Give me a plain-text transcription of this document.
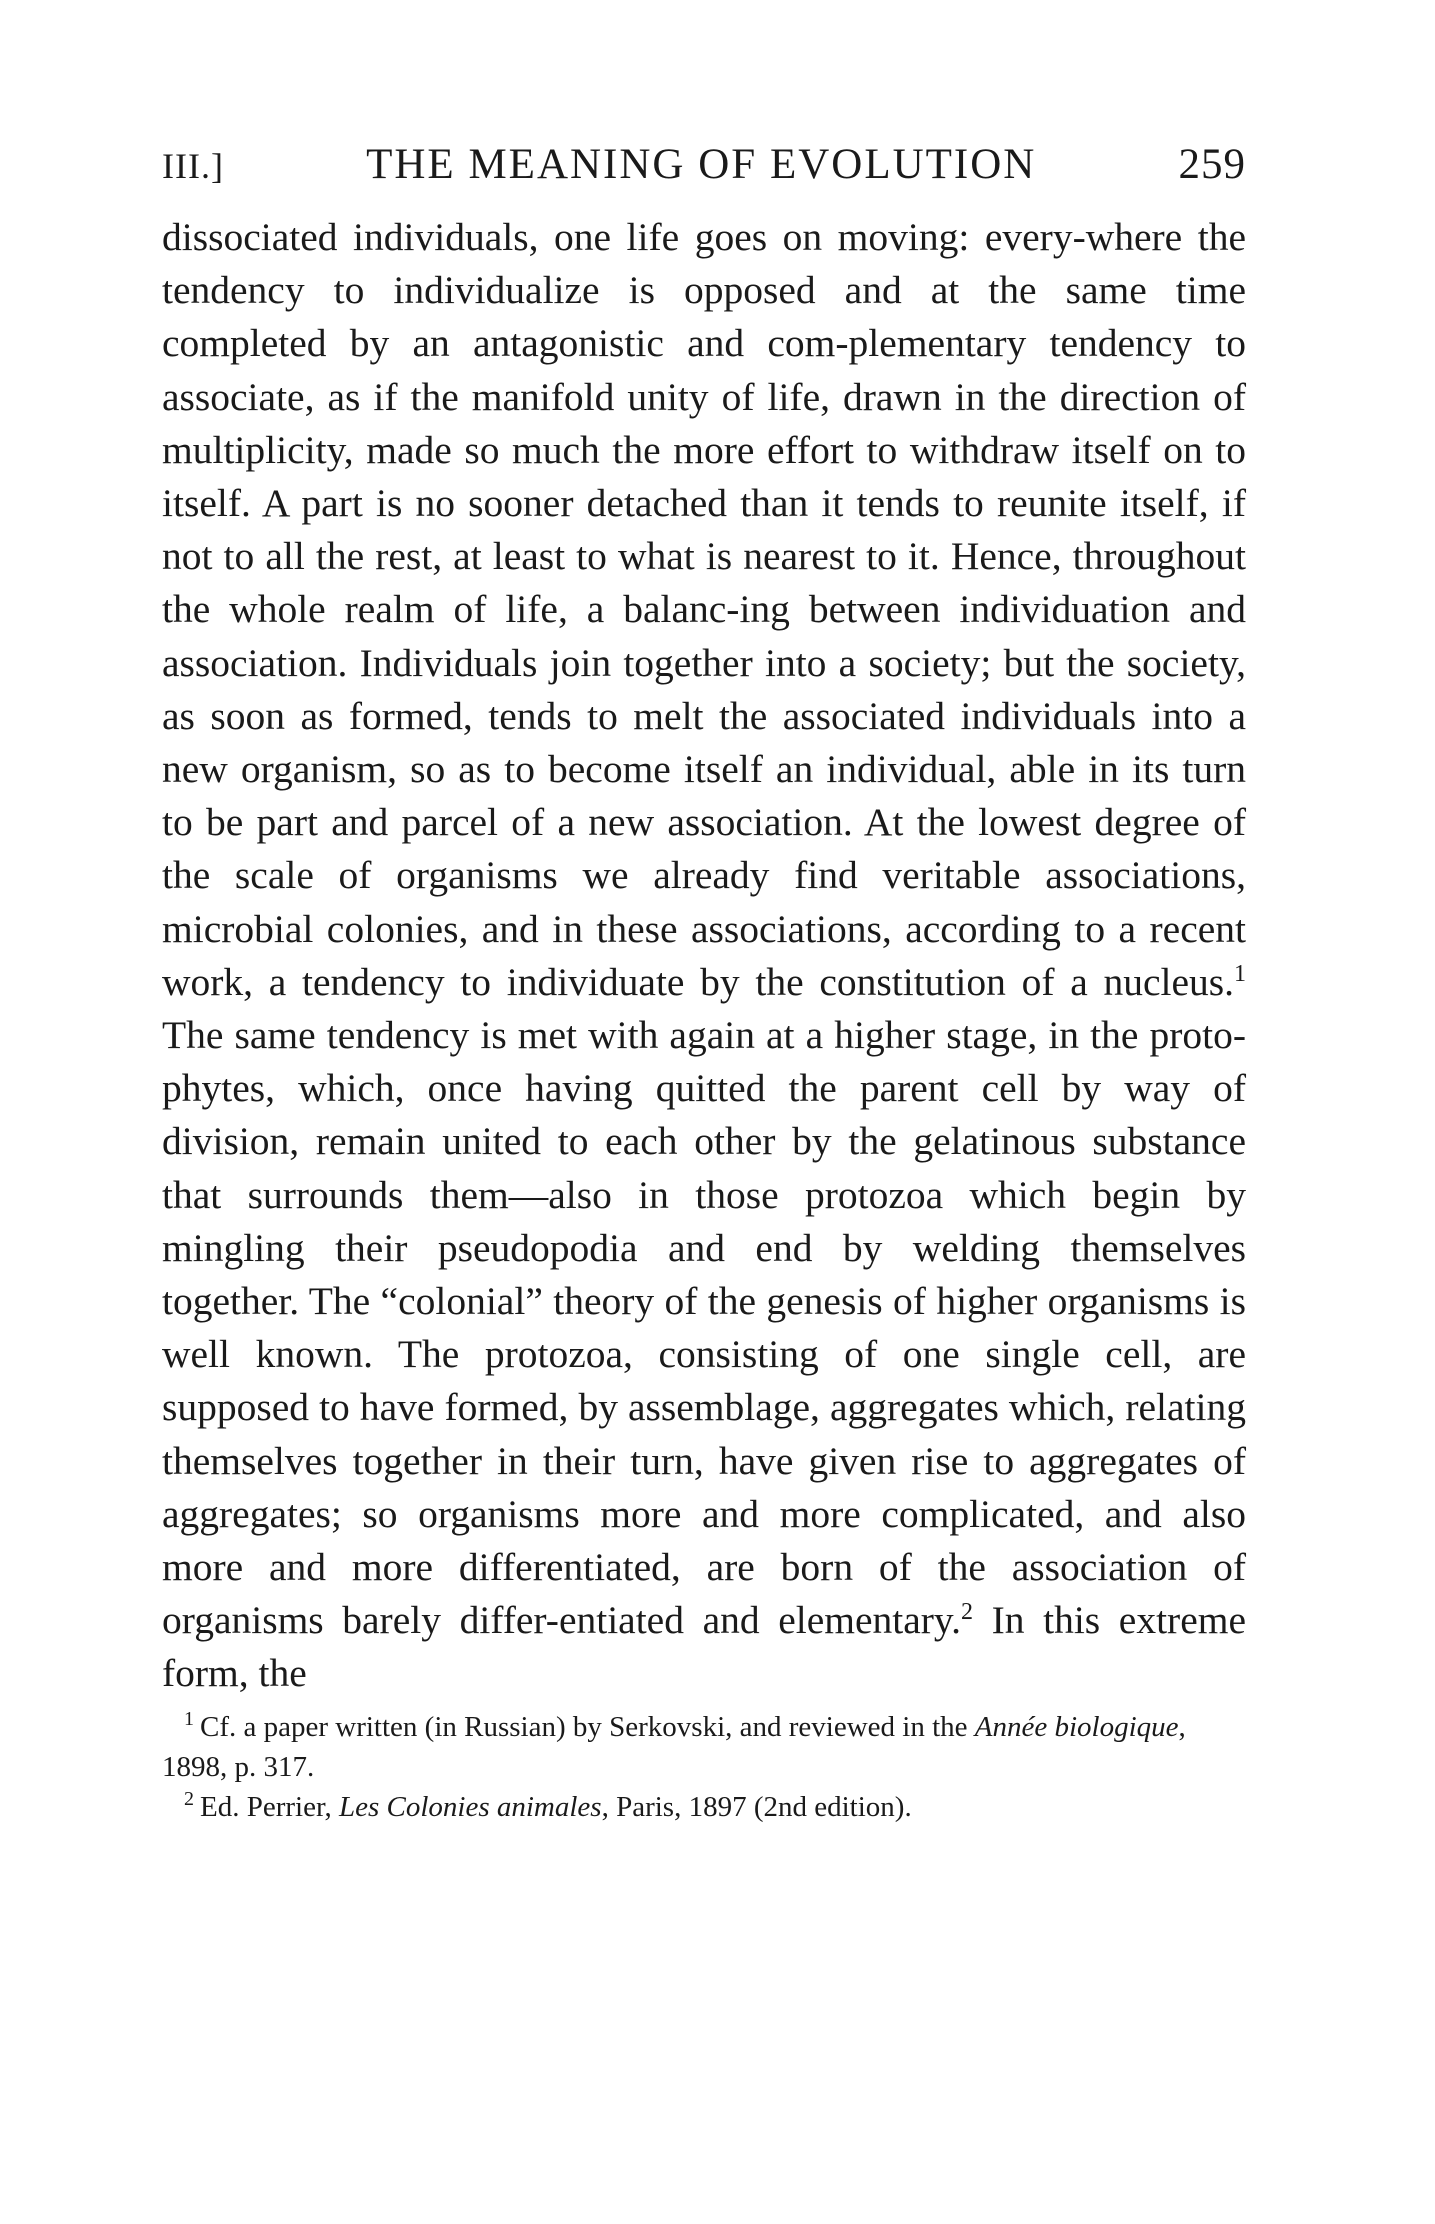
III.]	THE MEANING OF EVOLUTION	259

dissociated individuals, one life goes on moving: every-where the tendency to individualize is opposed and at the same time completed by an antagonistic and com-plementary tendency to associate, as if the manifold unity of life, drawn in the direction of multiplicity, made so much the more effort to withdraw itself on to itself. A part is no sooner detached than it tends to reunite itself, if not to all the rest, at least to what is nearest to it. Hence, throughout the whole realm of life, a balanc-ing between individuation and association. Individuals join together into a society; but the society, as soon as formed, tends to melt the associated individuals into a new organism, so as to become itself an individual, able in its turn to be part and parcel of a new association. At the lowest degree of the scale of organisms we already find veritable associations, microbial colonies, and in these associations, according to a recent work, a tendency to individuate by the constitution of a nucleus.$^1$ The same tendency is met with again at a higher stage, in the proto-phytes, which, once having quitted the parent cell by way of division, remain united to each other by the gelatinous substance that surrounds them—also in those protozoa which begin by mingling their pseudopodia and end by welding themselves together. The “colonial” theory of the genesis of higher organisms is well known. The protozoa, consisting of one single cell, are supposed to have formed, by assemblage, aggregates which, relating themselves together in their turn, have given rise to aggregates of aggregates; so organisms more and more complicated, and also more and more differentiated, are born of the association of organisms barely differ-entiated and elementary.$^2$ In this extreme form, the

$^1$ Cf. a paper written (in Russian) by Serkovski, and reviewed in the Année biologique, 1898, p. 317.

$^2$ Ed. Perrier, Les Colonies animales, Paris, 1897 (2nd edition).
